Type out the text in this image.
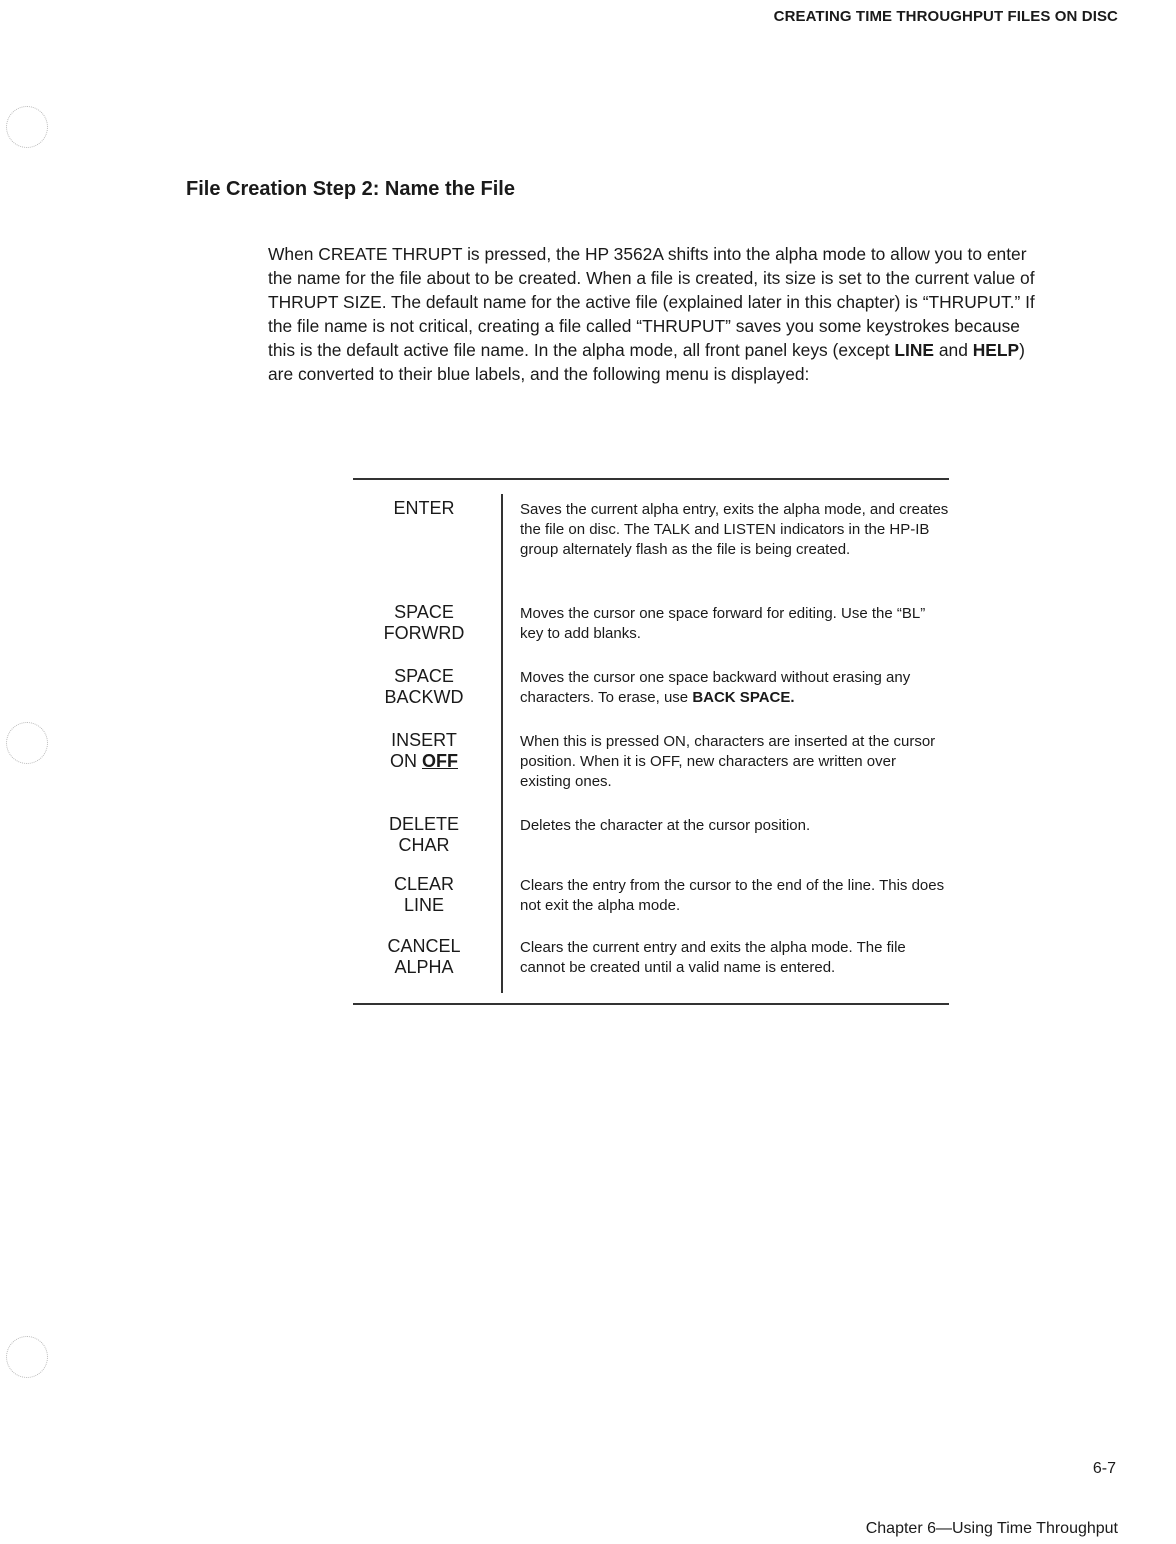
CREATING TIME THROUGHPUT FILES ON DISC
File Creation Step 2: Name the File

When CREATE THRUPT is pressed, the HP 3562A shifts into the alpha mode to allow you to enter the name for the file about to be created. When a file is created, its size is set to the current value of THRUPT SIZE. The default name for the active file (explained later in this chapter) is “THRUPUT.” If the file name is not critical, creating a file called “THRUPUT” saves you some keystrokes because this is the default active file name. In the alpha mode, all front panel keys (except LINE and HELP) are converted to their blue labels, and the following menu is displayed:

ENTER	Saves the current alpha entry, exits the alpha mode, and creates the file on disc. The TALK and LISTEN indicators in the HP-IB group alternately flash as the file is being created.

SPACE
FORWRD

Moves the cursor one space forward for editing. Use the “BL” key to add blanks.

SPACE
BACKWD

Moves the cursor one space backward without erasing any characters. To erase, use BACK SPACE.

INSERT
ON OFF

When this is pressed ON, characters are inserted at the cursor position. When it is OFF, new characters are written over existing ones.

DELETE
CHAR

Deletes the character at the cursor position.

CLEAR
LINE

Clears the entry from the cursor to the end of the line. This does not exit the alpha mode.

CANCEL
ALPHA

Clears the current entry and exits the alpha mode. The file cannot be created until a valid name is entered.

6-7
Chapter 6—Using Time Throughput
